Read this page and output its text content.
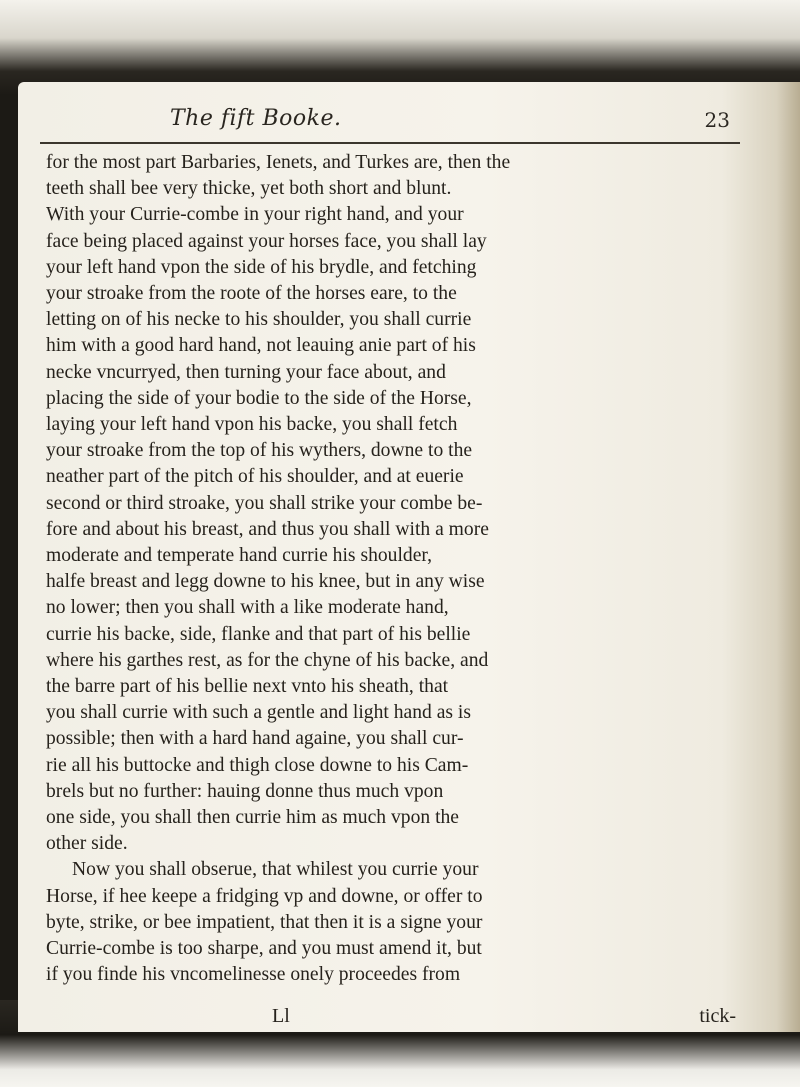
The fift Booke.	23
for the most part Barbaries, Ienets, and Turkes are, then the
teeth shall bee very thicke, yet both short and blunt.
With your Currie-combe in your right hand, and your
face being placed against your horses face, you shall lay
your left hand vpon the side of his brydle, and fetching
your stroake from the roote of the horses eare, to the
letting on of his necke to his shoulder, you shall currie
him with a good hard hand, not leauing anie part of his
necke vncurryed, then turning your face about, and
placing the side of your bodie to the side of the Horse,
laying your left hand vpon his backe, you shall fetch
your stroake from the top of his wythers, downe to the
neather part of the pitch of his shoulder, and at euerie
second or third stroake, you shall strike your combe be-
fore and about his breast, and thus you shall with a more
moderate and temperate hand currie his shoulder,
halfe breast and legg downe to his knee, but in any wise
no lower; then you shall with a like moderate hand,
currie his backe, side, flanke and that part of his bellie
where his garthes rest, as for the chyne of his backe, and
the barre part of his bellie next vnto his sheath, that
you shall currie with such a gentle and light hand as is
possible; then with a hard hand againe, you shall cur-
rie all his buttocke and thigh close downe to his Cam-
brels but no further: hauing donne thus much vpon
one side, you shall then currie him as much vpon the
other side.
Now you shall obserue, that whilest you currie your
Horse, if hee keepe a fridging vp and downe, or offer to
byte, strike, or bee impatient, that then it is a signe your
Currie-combe is too sharpe, and you must amend it, but
if you finde his vncomelinesse onely proceedes from
Ll	tick-
